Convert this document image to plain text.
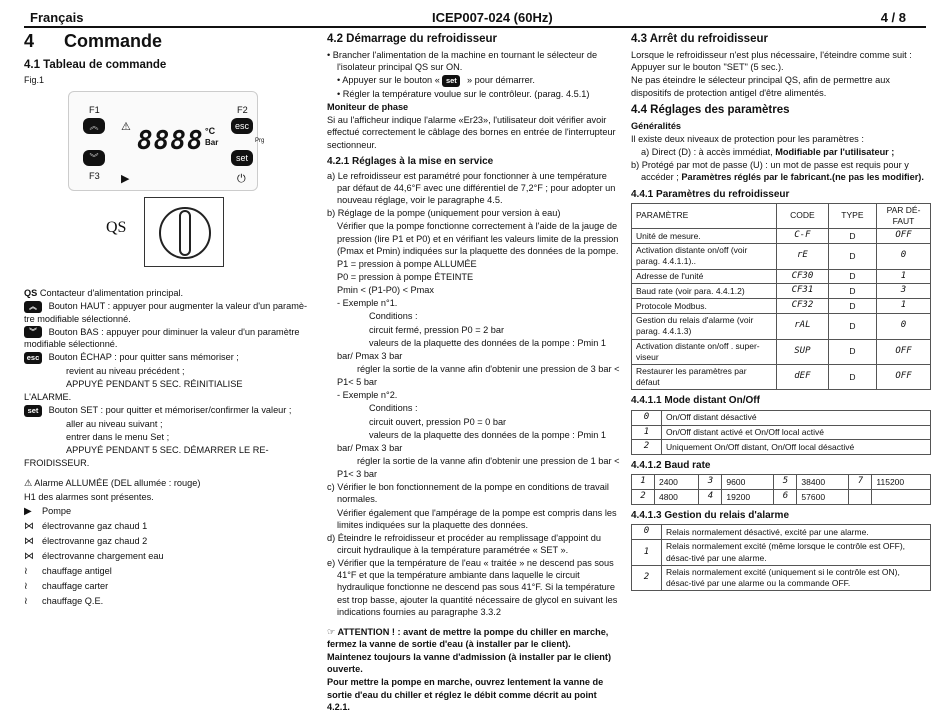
Français	ICEP007-024 (60Hz)	4 / 8
4 Commande
4.1 Tableau de commande
Fig.1
F1	F2
︽
︾
F3
⚠ 8888 °C
Bar
esc
set
Prg
▶	⏻
QS

QS Contacteur d'alimentation principal.

︽ Bouton HAUT : appuyer pour augmenter la valeur d'un paramè-tre modifiable sélectionné.

︾ Bouton BAS : appuyer pour diminuer la valeur d'un paramètre modifiable sélectionné.

esc Bouton ÉCHAP : pour quitter sans mémoriser ;

revient au niveau précédent ;

APPUYÉ PENDANT 5 SEC. RÉINITIALISE

L'ALARME.

set Bouton SET : pour quitter et mémoriser/confirmer la valeur ;

aller au niveau suivant ;

entrer dans le menu Set ;

APPUYÉ PENDANT 5 SEC. DÉMARRER LE RE-

FROIDISSEUR.

⚠ Alarme ALLUMÉE (DEL allumée : rouge)

H1 des alarmes sont présentes.

▶	Pompe
⋈ électrovanne gaz chaud 1
⋈ électrovanne gaz chaud 2
⋈ électrovanne chargement eau
≀	chauffage antigel
≀	chauffage carter
≀	chauffage Q.E.
4.2 Démarrage du refroidisseur

• Brancher l'alimentation de la machine en tournant le sélecteur de l'isolateur principal QS sur ON.

• Appuyer sur le bouton « set » pour démarrer.

• Régler la température voulue sur le contrôleur. (parag. 4.5.1)

Moniteur de phase

Si au l'afficheur indique l'alarme «Er23», l'utilisateur doit vérifier avoir effectué correctement le câblage des bornes en entrée de l'interrupteur sectionneur.

4.2.1 Réglages à la mise en service

a) Le refroidisseur est paramétré pour fonctionner à une température par défaut de 44,6°F avec une différentiel de 7,2°F ; pour adopter un nouveau réglage, voir le paragraphe 4.5.

b) Réglage de la pompe (uniquement pour version à eau)

Vérifier que la pompe fonctionne correctement à l'aide de la jauge de pression (lire P1 et P0) et en vérifiant les valeurs limite de la pression (Pmax et Pmin) indiquées sur la plaquette des données de la pompe.

P1 = pression à pompe ALLUMÉE

P0 = pression à pompe ÉTEINTE

Pmin < (P1-P0) < Pmax

- Exemple n°1.

Conditions :

circuit fermé, pression P0 = 2 bar

valeurs de la plaquette des données de la pompe : Pmin 1

bar/ Pmax 3 bar

régler la sortie de la vanne afin d'obtenir une pression de 3 bar <

P1< 5 bar

- Exemple n°2.

Conditions :

circuit ouvert, pression P0 = 0 bar

valeurs de la plaquette des données de la pompe : Pmin 1

bar/ Pmax 3 bar

régler la sortie de la vanne afin d'obtenir une pression de 1 bar <

P1< 3 bar

c) Vérifier le bon fonctionnement de la pompe en conditions de travail normales.

Vérifier également que l'ampérage de la pompe est compris dans les limites indiquées sur la plaquette des données.

d) Éteindre le refroidisseur et procéder au remplissage d'appoint du circuit hydraulique à la température paramétrée « SET ».

e) Vérifier que la température de l'eau « traitée » ne descend pas sous 41°F et que la température ambiante dans laquelle le circuit hydraulique fonctionne ne descend pas sous 41°F. Si la température est trop basse, ajouter la quantité nécessaire de glycol en suivant les indications fournies au paragraphe 3.3.2

☞ ATTENTION ! : avant de mettre la pompe du chiller en marche, fermez la vanne de sortie d'eau (à installer par le client).

Maintenez toujours la vanne d'admission (à installer par le client) ouverte.

Pour mettre la pompe en marche, ouvrez lentement la vanne de sortie d'eau du chiller et réglez le débit comme décrit au point 4.2.1.

4.3 Arrêt du refroidisseur

Lorsque le refroidisseur n'est plus nécessaire, l'éteindre comme suit : Appuyer sur le bouton "SET" (5 sec.).

Ne pas éteindre le sélecteur principal QS, afin de permettre aux dispositifs de protection antigel d'être alimentés.

4.4 Réglages des paramètres

Généralités

Il existe deux niveaux de protection pour les paramètres :

a) Direct (D) : à accès immédiat, Modifiable par l'utilisateur ;

b) Protégé par mot de passe (U) : un mot de passe est requis pour y accéder ; Paramètres réglés par le fabricant.(ne pas les modifier).

4.4.1 Paramètres du refroidisseur
PARAMÈTRE	CODE	TYPE	PAR DÉ-FAUT
Unité de mesure.	C-F	D	OFF
Activation distante on/off (voir parag. 4.4.1.1)..	rE	D	0
Adresse de l'unité	CF30	D	1
Baud rate (voir para. 4.4.1.2)	CF31	D	3
Protocole Modbus.	CF32	D	1
Gestion du relais d'alarme (voir parag. 4.4.1.3)	rAL	D	0
Activation distante on/off . super-viseur	SUP	D	OFF
Restaurer les paramètres par défaut	dEF	D	OFF
4.4.1.1 Mode distant On/Off
0	On/Off distant désactivé
1	On/Off distant activé et On/Off local activé
2	Uniquement On/Off distant, On/Off local désactivé
4.4.1.2 Baud rate
1	2400	3	9600	5	38400	7	115200
2	4800	4	19200	6	57600		
4.4.1.3 Gestion du relais d'alarme
0	Relais normalement désactivé, excité par une alarme.
1	Relais normalement excité (même lorsque le contrôle est OFF), désac-tivé par une alarme.
2	Relais normalement excité (uniquement si le contrôle est ON), désac-tivé par une alarme ou la commande OFF.
